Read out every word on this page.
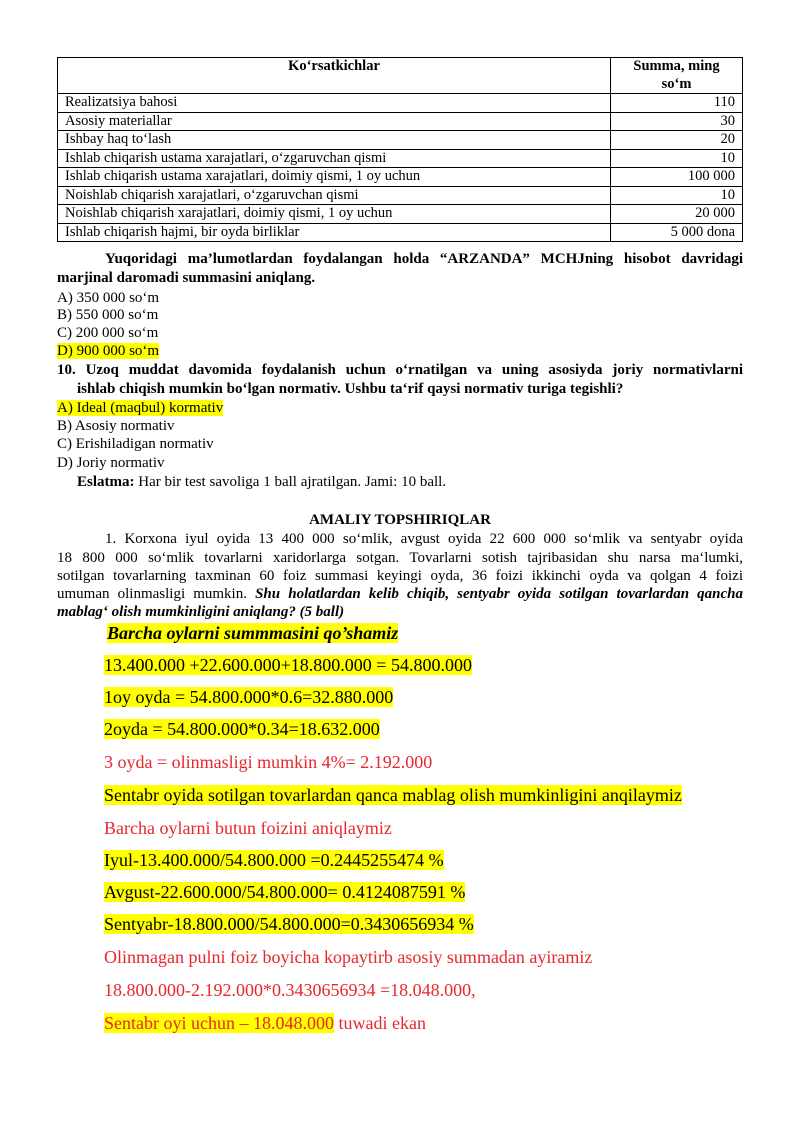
Ko‘rsatkichlar	Summa, ming
so‘m
Realizatsiya bahosi	110
Asosiy materiallar	30
Ishbay haq to‘lash	20
Ishlab chiqarish ustama xarajatlari, o‘zgaruvchan qismi	10
Ishlab chiqarish ustama xarajatlari, doimiy qismi, 1 oy uchun	100 000
Noishlab chiqarish xarajatlari, o‘zgaruvchan qismi	10
Noishlab chiqarish xarajatlari, doimiy qismi, 1 oy uchun	20 000
Ishlab chiqarish hajmi, bir oyda birliklar	5 000 dona
Yuqoridagi ma’lumotlardan foydalangan holda “ARZANDA” MCHJning hisobot davridagi
marjinal daromadi summasini aniqlang.
A) 350 000 so‘m
B) 550 000 so‘m
C) 200 000 so‘m
D) 900 000 so‘m
10. Uzoq muddat davomida foydalanish uchun o‘rnatilgan va uning asosiyda joriy normativlarni
ishlab chiqish mumkin bo‘lgan normativ. Ushbu ta‘rif qaysi normativ turiga tegishli?
A) Ideal (maqbul) kormativ
B) Asosiy normativ
C) Erishiladigan normativ
D) Joriy normativ
Eslatma: Har bir test savoliga 1 ball ajratilgan. Jami: 10 ball.
AMALIY TOPSHIRIQLAR
1. Korxona iyul oyida 13 400 000 so‘mlik, avgust oyida 22 600 000 so‘mlik va sentyabr oyida
18 800 000 so‘mlik tovarlarni xaridorlarga sotgan. Tovarlarni sotish tajribasidan shu narsa ma‘lumki,
sotilgan tovarlarning taxminan 60 foiz summasi keyingi oyda, 36 foizi ikkinchi oyda va qolgan 4 foizi
umuman olinmasligi mumkin. Shu holatlardan kelib chiqib, sentyabr oyida sotilgan tovarlardan qancha
mablag‘ olish mumkinligini aniqlang? (5 ball)
Barcha oylarni summmasini qo’shamiz
13.400.000 +22.600.000+18.800.000 = 54.800.000
1oy oyda = 54.800.000*0.6=32.880.000
2oyda = 54.800.000*0.34=18.632.000
3 oyda = olinmasligi mumkin 4%= 2.192.000
Sentabr oyida sotilgan tovarlardan qanca mablag olish mumkinligini anqilaymiz
Barcha oylarni butun foizini aniqlaymiz
Iyul-13.400.000/54.800.000 =0.2445255474 %
Avgust-22.600.000/54.800.000= 0.4124087591 %
Sentyabr-18.800.000/54.800.000=0.3430656934 %
Olinmagan pulni foiz boyicha kopaytirb asosiy summadan ayiramiz
18.800.000-2.192.000*0.3430656934 =18.048.000,
Sentabr oyi uchun – 18.048.000 tuwadi ekan
